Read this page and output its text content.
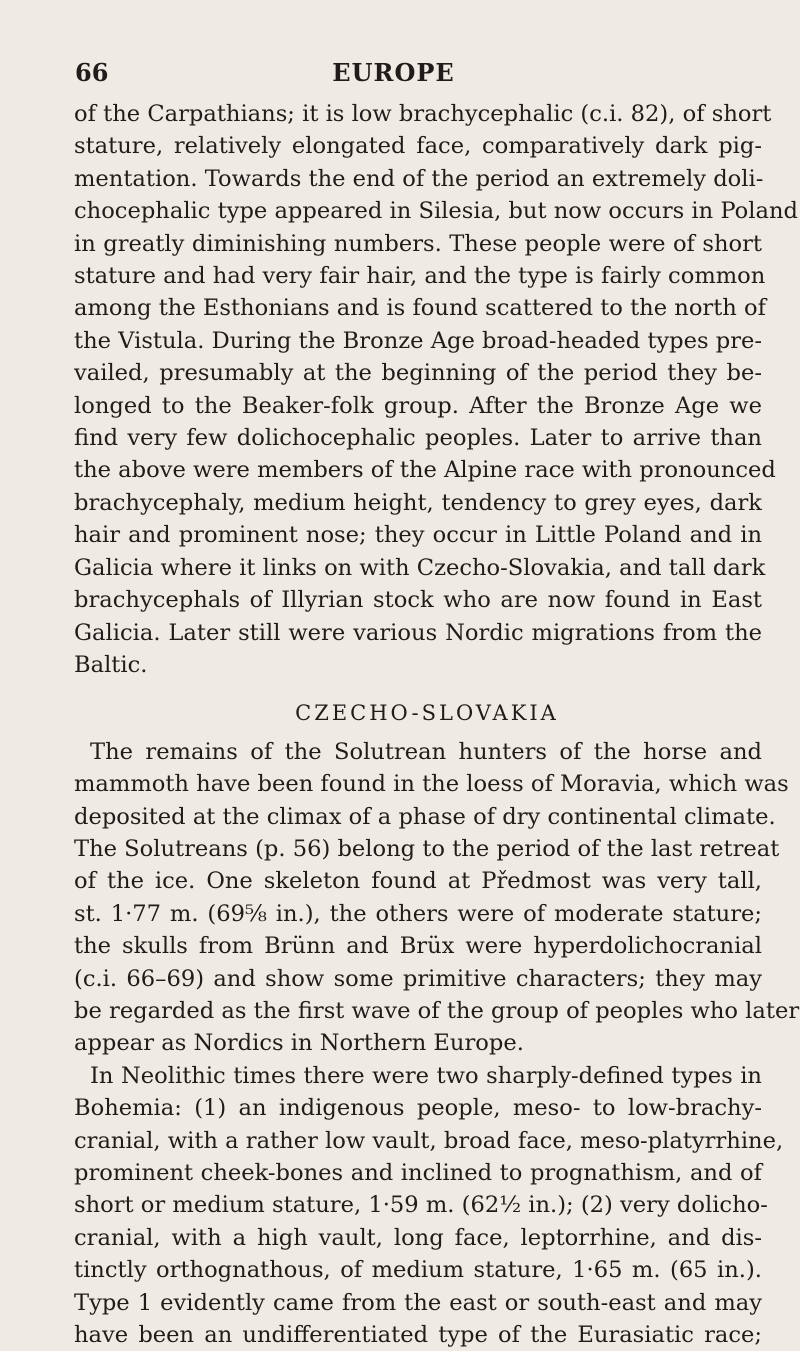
66	EUROPE
of the Carpathians; it is low brachycephalic (c.i. 82), of short
stature, relatively elongated face, comparatively dark pig-
mentation. Towards the end of the period an extremely doli-
chocephalic type appeared in Silesia, but now occurs in Poland
in greatly diminishing numbers. These people were of short
stature and had very fair hair, and the type is fairly common
among the Esthonians and is found scattered to the north of
the Vistula. During the Bronze Age broad-headed types pre-
vailed, presumably at the beginning of the period they be-
longed to the Beaker-folk group. After the Bronze Age we
find very few dolichocephalic peoples. Later to arrive than
the above were members of the Alpine race with pronounced
brachycephaly, medium height, tendency to grey eyes, dark
hair and prominent nose; they occur in Little Poland and in
Galicia where it links on with Czecho-Slovakia, and tall dark
brachycephals of Illyrian stock who are now found in East
Galicia. Later still were various Nordic migrations from the
Baltic.
CZECHO-SLOVAKIA
The remains of the Solutrean hunters of the horse and
mammoth have been found in the loess of Moravia, which was
deposited at the climax of a phase of dry continental climate.
The Solutreans (p. 56) belong to the period of the last retreat
of the ice. One skeleton found at Předmost was very tall,
st. 1·77 m. (69⅝ in.), the others were of moderate stature;
the skulls from Brünn and Brüx were hyperdolichocranial
(c.i. 66–69) and show some primitive characters; they may
be regarded as the first wave of the group of peoples who later
appear as Nordics in Northern Europe.
In Neolithic times there were two sharply-defined types in
Bohemia: (1) an indigenous people, meso- to low-brachy-
cranial, with a rather low vault, broad face, meso-platyrrhine,
prominent cheek-bones and inclined to prognathism, and of
short or medium stature, 1·59 m. (62½ in.); (2) very dolicho-
cranial, with a high vault, long face, leptorrhine, and dis-
tinctly orthognathous, of medium stature, 1·65 m. (65 in.).
Type 1 evidently came from the east or south-east and may
have been an undifferentiated type of the Eurasiatic race;
